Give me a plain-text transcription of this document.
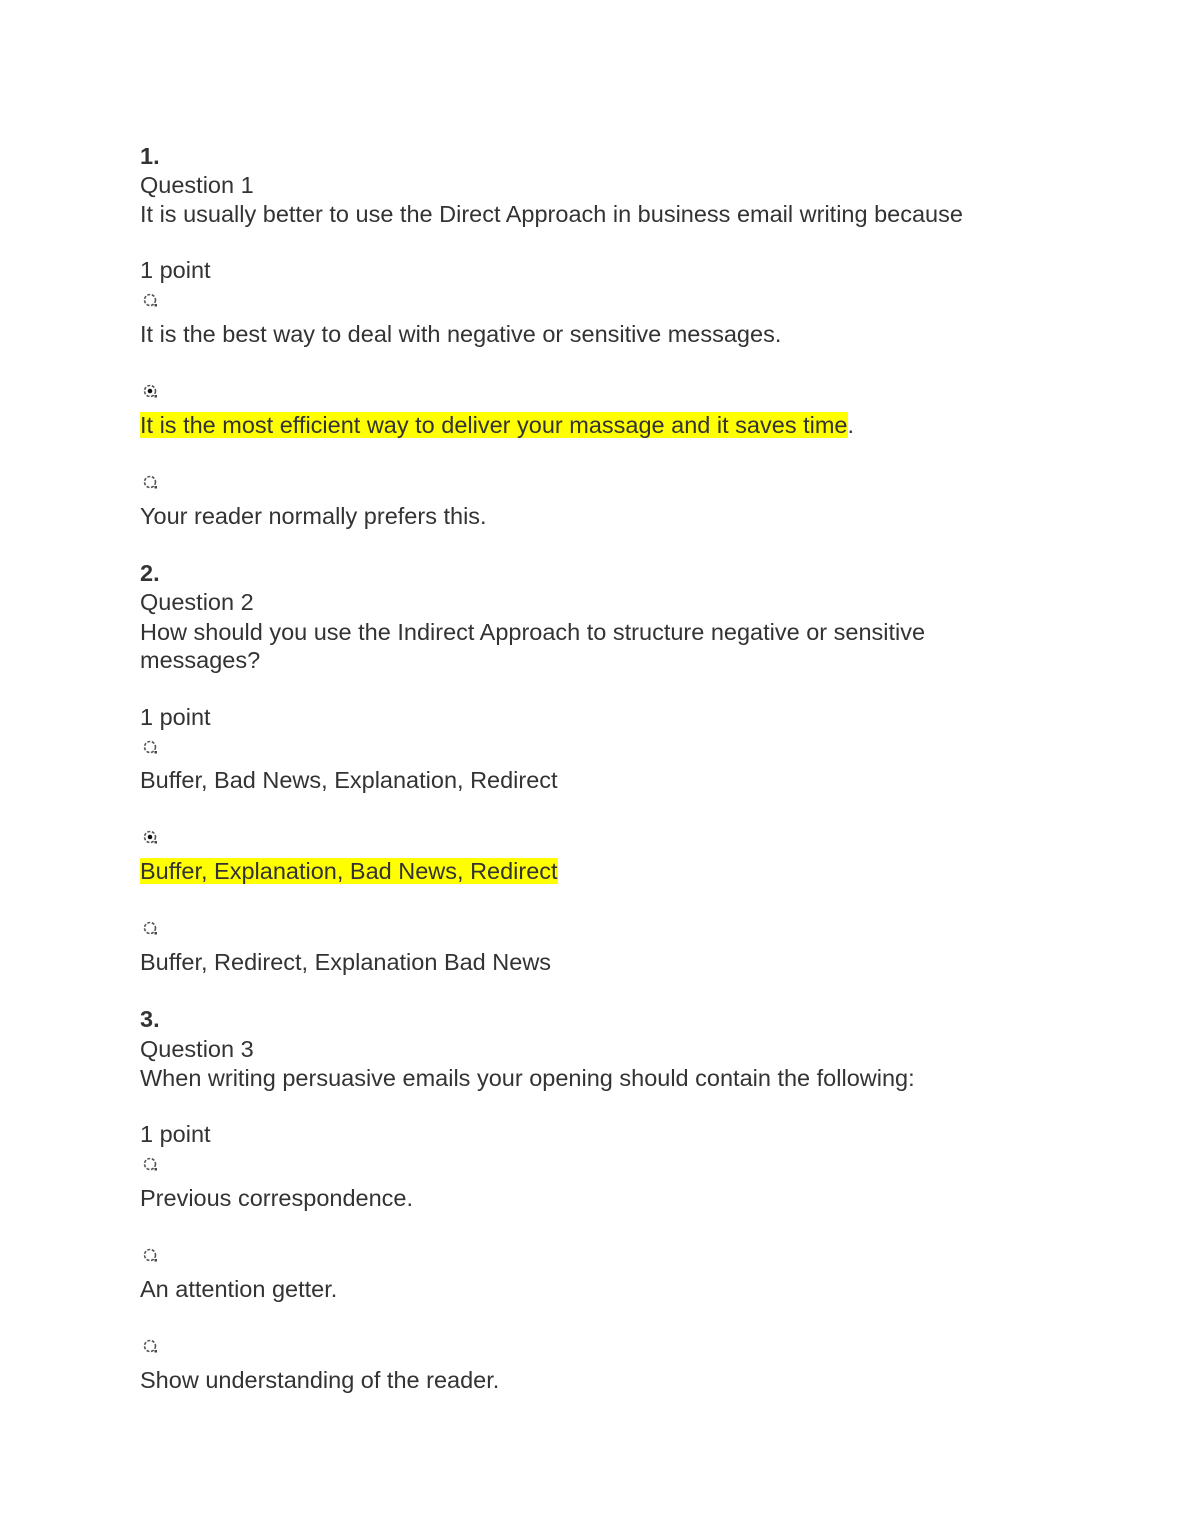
1.
Question 1
It is usually better to use the Direct Approach in business email writing because
1 point
It is the best way to deal with negative or sensitive messages.
It is the most efficient way to deliver your massage and it saves time.
Your reader normally prefers this.
2.
Question 2
How should you use the Indirect Approach to structure negative or sensitive
messages?
1 point
Buffer, Bad News, Explanation, Redirect
Buffer, Explanation, Bad News, Redirect
Buffer, Redirect, Explanation Bad News
3.
Question 3
When writing persuasive emails your opening should contain the following:
1 point
Previous correspondence.
An attention getter.
Show understanding of the reader.
